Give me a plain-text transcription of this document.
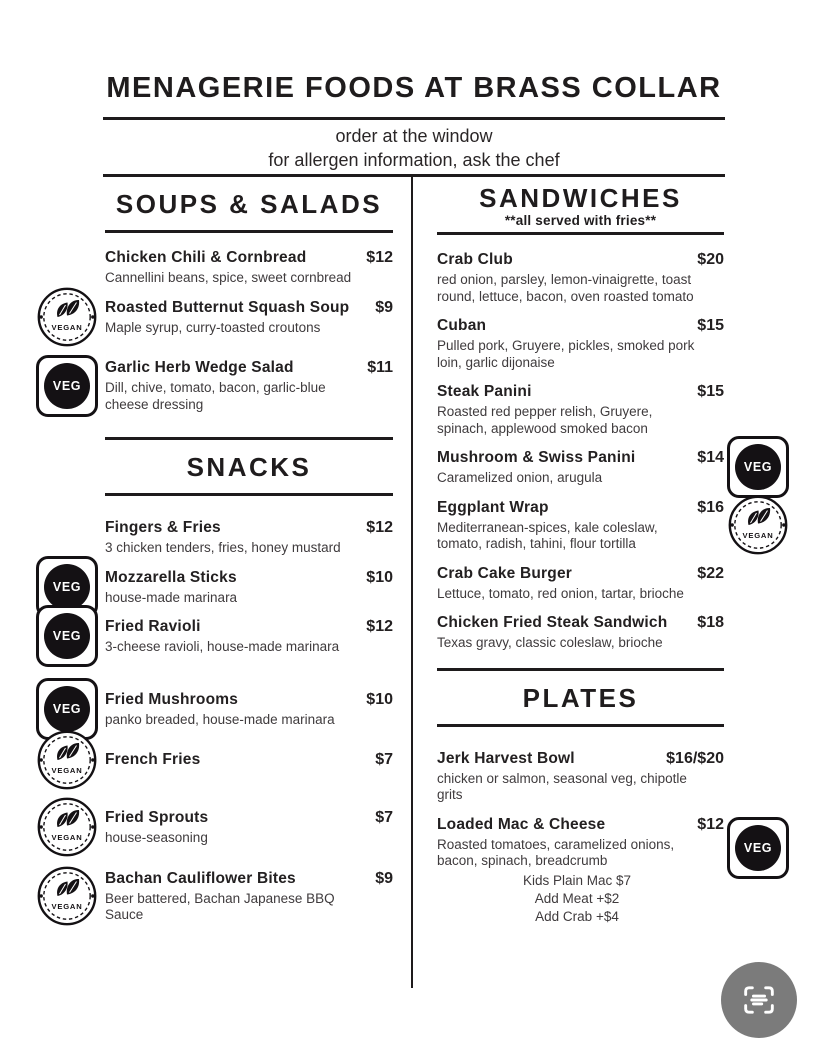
MENAGERIE FOODS AT BRASS COLLAR
order at the window
for allergen information, ask the chef
SOUPS & SALADS
Chicken Chili & Cornbread	$12
Cannellini beans, spice, sweet cornbread
VEGAN
Roasted Butternut Squash Soup $9
Maple syrup, curry-toasted croutons
VEG
Garlic Herb Wedge Salad	$11
Dill, chive, tomato, bacon, garlic-blue cheese dressing
SNACKS
Fingers & Fries	$12
3 chicken tenders, fries, honey mustard
VEG
Mozzarella Sticks	$10
house-made marinara
VEG
Fried Ravioli	$12
3-cheese ravioli, house-made marinara
VEG
Fried Mushrooms	$10
panko breaded, house-made marinara
VEGAN
French Fries	$7
VEGAN
Fried Sprouts	$7
house-seasoning
VEGAN
Bachan Cauliflower Bites	$9
Beer battered, Bachan Japanese BBQ Sauce
SANDWICHES
**all served with fries**
Crab Club	$20
red onion, parsley, lemon-vinaigrette, toast round, lettuce, bacon, oven roasted tomato
Cuban	$15
Pulled pork, Gruyere, pickles, smoked pork loin, garlic dijonaise
Steak Panini	$15
Roasted red pepper relish, Gruyere, spinach, applewood smoked bacon
VEG
Mushroom & Swiss Panini	$14
Caramelized onion, arugula
VEGAN
Eggplant Wrap	$16
Mediterranean-spices, kale coleslaw, tomato, radish, tahini, flour tortilla
Crab Cake Burger	$22
Lettuce, tomato, red onion, tartar, brioche
Chicken Fried Steak Sandwich $18
Texas gravy, classic coleslaw, brioche
PLATES
Jerk Harvest Bowl	$16/$20
chicken or salmon, seasonal veg, chipotle grits
VEG
Loaded Mac & Cheese	$12
Roasted tomatoes, caramelized onions, bacon, spinach, breadcrumb
Kids Plain Mac $7
Add Meat +$2
Add Crab +$4
